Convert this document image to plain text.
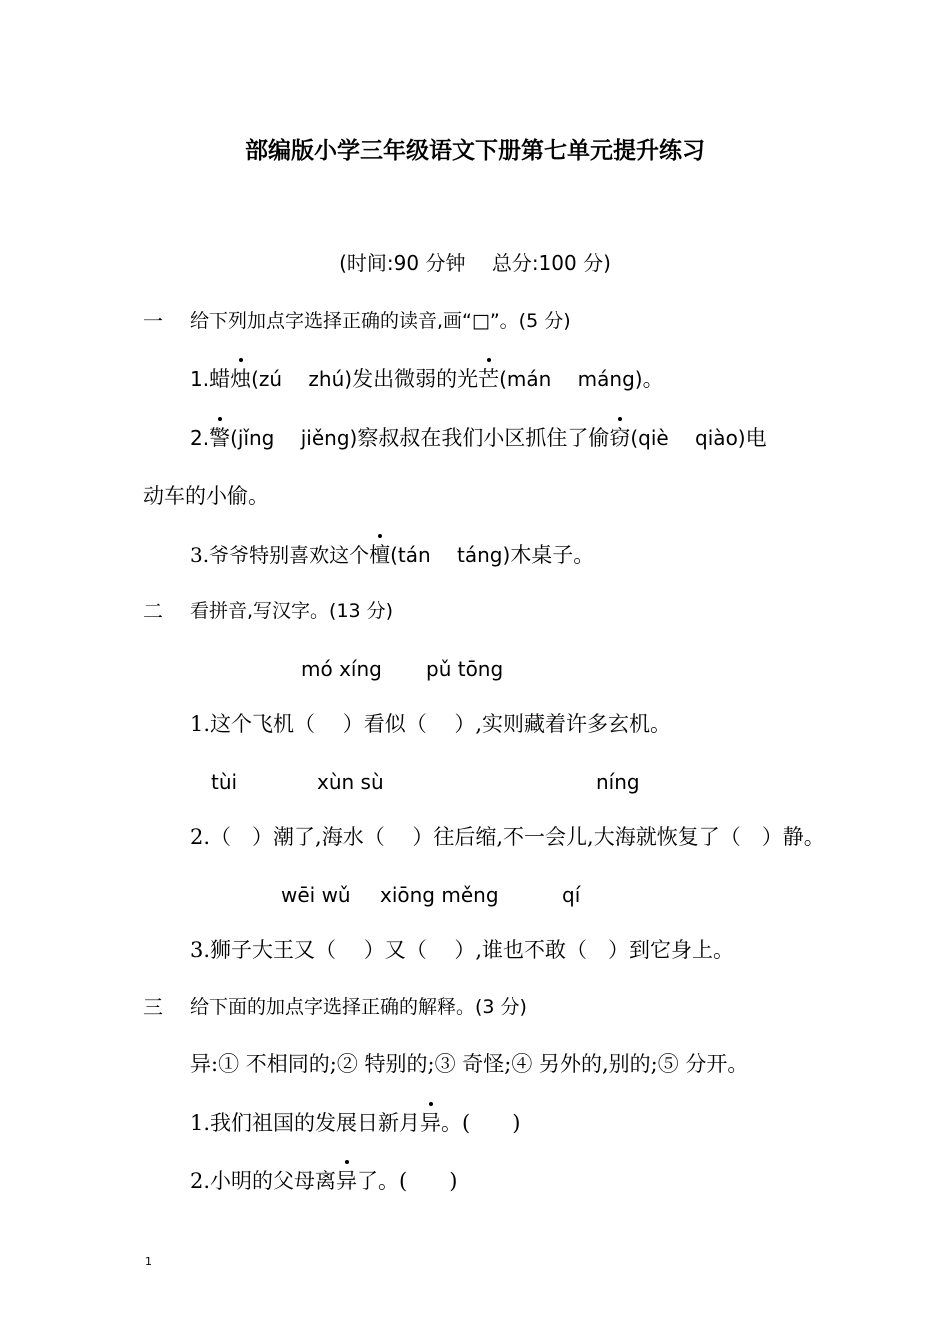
部编版小学三年级语文下册第七单元提升练习
(时间:90 分钟　 总分:100 分)
一 给下列加点字选择正确的读音,画“□”。(5 分)
1.蜡烛(zú　 zhú)发出微弱的光芒(mán　 máng)。
2.警(jǐng　 jiěng)察叔叔在我们小区抓住了偷窃(qiè　 qiào)电
动车的小偷。
3.爷爷特别喜欢这个檀(tán　 táng)木桌子。
二 看拼音,写汉字。(13 分)
mó xíng pǔ tōng
1.这个飞机（　 ）看似（　 ）,实则藏着许多玄机。
tùi	xùn sù	níng
2.（　）潮了,海水（　 ）往后缩,不一会儿,大海就恢复了（　）静。
wēi wǔ xiōng měng	qí
3.狮子大王又（　 ）又（　 ）,谁也不敢（　）到它身上。
三 给下面的加点字选择正确的解释。(3 分)
异:① 不相同的;② 特别的;③ 奇怪;④ 另外的,别的;⑤ 分开。
1.我们祖国的发展日新月异。(　　)
2.小明的父母离异了。(　　)
1
